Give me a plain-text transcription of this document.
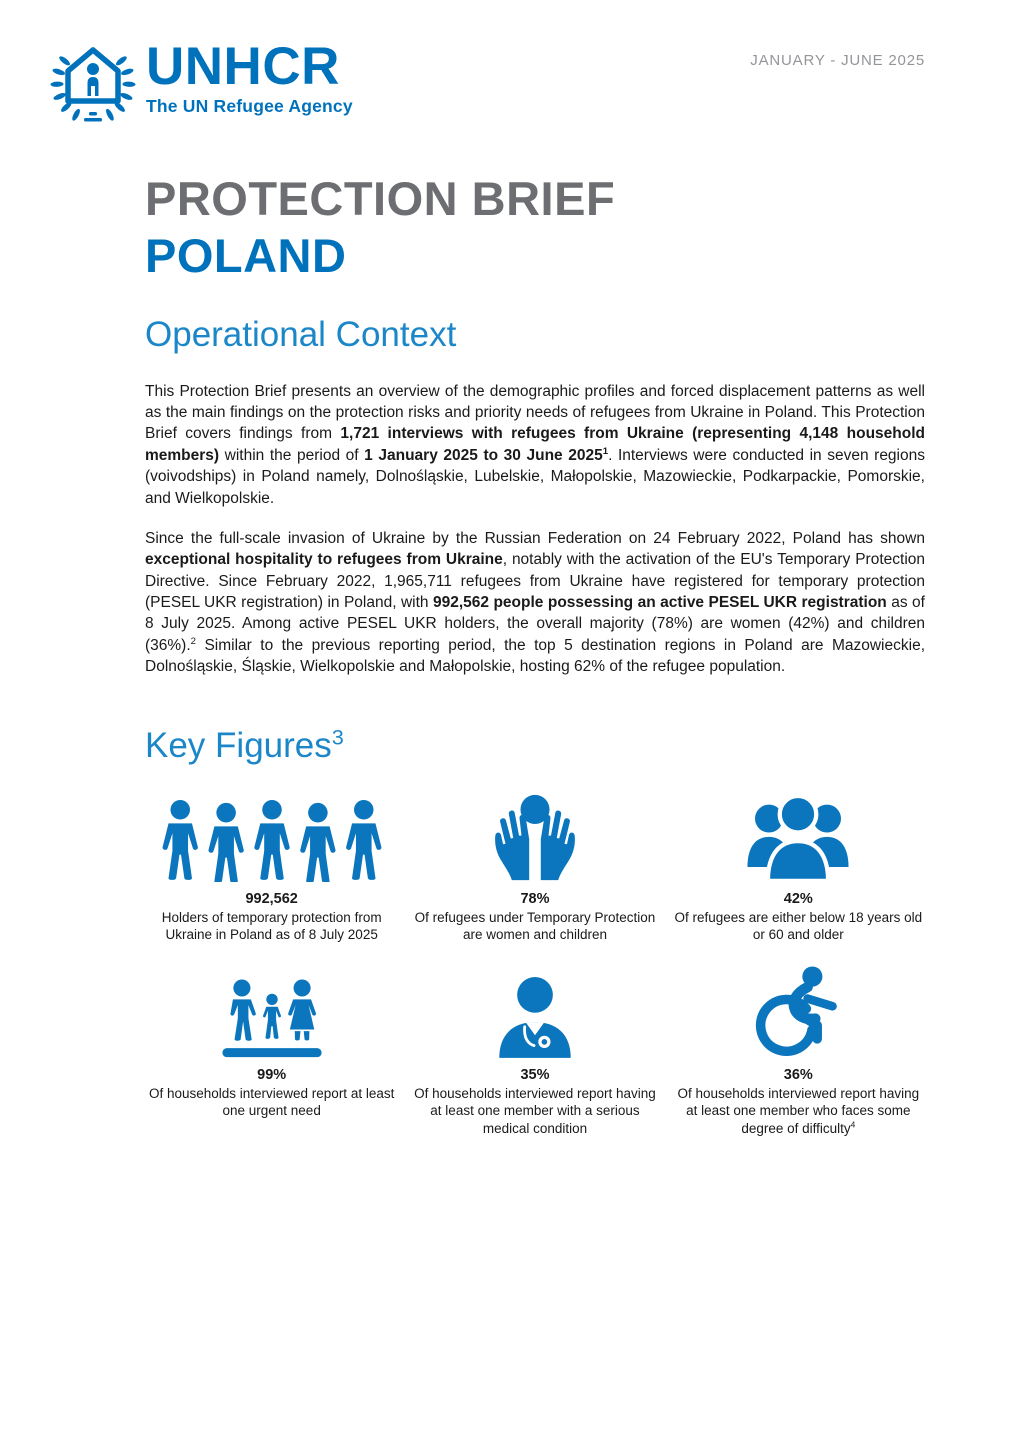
UNHCR
The UN Refugee Agency
JANUARY - JUNE 2025
PROTECTION BRIEF
POLAND
Operational Context

This Protection Brief presents an overview of the demographic profiles and forced displacement patterns as well as the main findings on the protection risks and priority needs of refugees from Ukraine in Poland. This Protection Brief covers findings from 1,721 interviews with refugees from Ukraine (representing 4,148 household members) within the period of 1 January 2025 to 30 June 2025$^1$. Interviews were conducted in seven regions (voivodships) in Poland namely, Dolnośląskie, Lubelskie, Małopolskie, Mazowieckie, Podkarpackie, Pomorskie, and Wielkopolskie.

Since the full-scale invasion of Ukraine by the Russian Federation on 24 February 2022, Poland has shown exceptional hospitality to refugees from Ukraine, notably with the activation of the EU's Temporary Protection Directive. Since February 2022, 1,965,711 refugees from Ukraine have registered for temporary protection (PESEL UKR registration) in Poland, with 992,562 people possessing an active PESEL UKR registration as of 8 July 2025. Among active PESEL UKR holders, the overall majority (78%) are women (42%) and children (36%).$^2$ Similar to the previous reporting period, the top 5 destination regions in Poland are Mazowieckie, Dolnośląskie, Śląskie, Wielkopolskie and Małopolskie, hosting 62% of the refugee population.

Key Figures$^3$
992,562
Holders of temporary protection from Ukraine in Poland as of 8 July 2025
78%
Of refugees under Temporary Protection are women and children
42%
Of refugees are either below 18 years old or 60 and older
99%
Of households interviewed report at least one urgent need
35%
Of households interviewed report having at least one member with a serious medical condition
36%
Of households interviewed report having at least one member who faces some degree of difficulty$^4$
